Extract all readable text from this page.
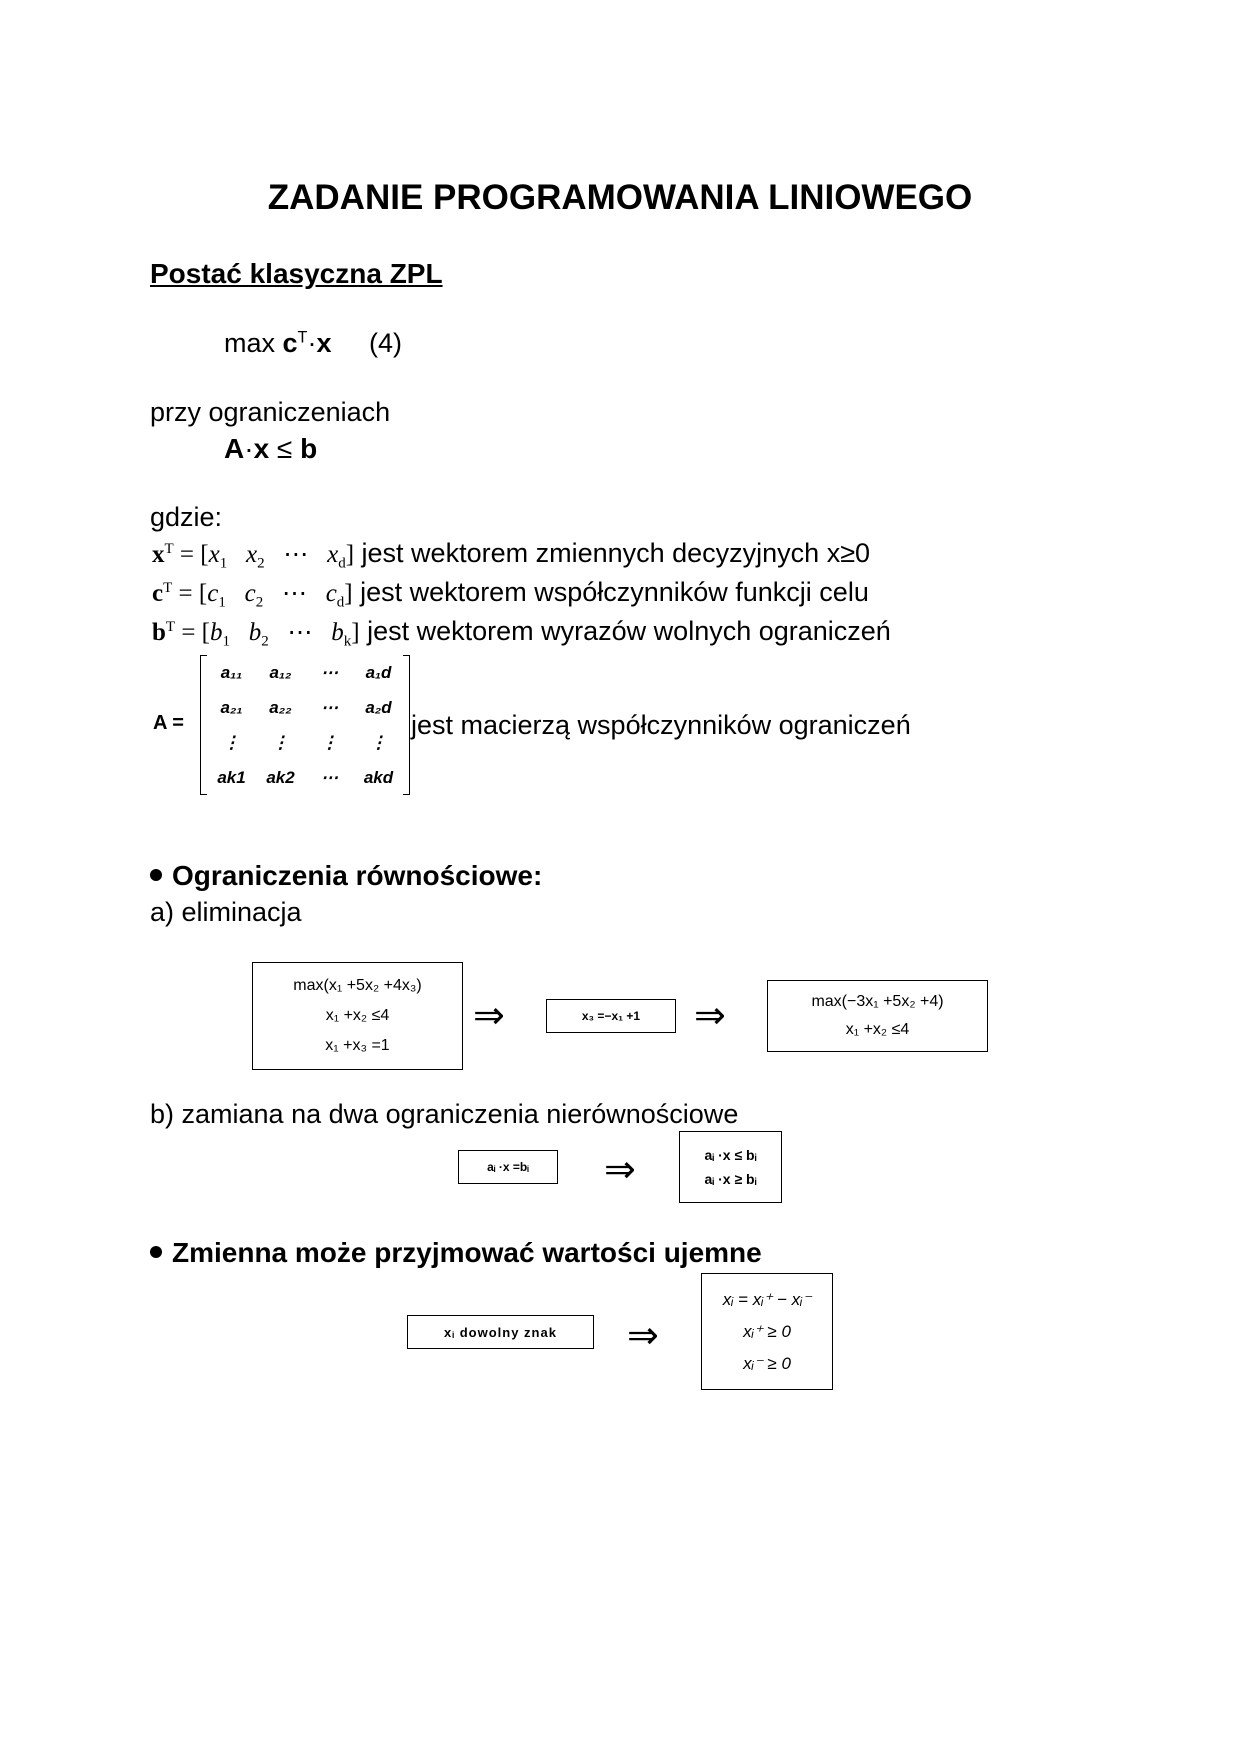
ZADANIE PROGRAMOWANIA LINIOWEGO
Postać klasyczna ZPL
$\max c^T\cdot x$     (4)
przy ograniczeniach
A·x ≤ b
gdzie:
$x^T = [x_1$ $x_2$   ⋯   $x_d$] jest wektorem zmiennych decyzyjnych x≥0
$c^T = [c_1$ $c_2$   ⋯   $c_d$] jest wektorem współczynników funkcji celu
$b^T = [b_1$ $b_2$   ⋯   $b_k$] jest wektorem wyrazów wolnych ograniczeń
A =
a₁₁	a₁₂	⋯	a₁d
a₂₁	a₂₂	⋯	a₂d
⋮	⋮	⋮	⋮
ak1	ak2	⋯	akd
jest macierzą współczynników ograniczeń
Ograniczenia równościowe:
a) eliminacja
max(x₁ +5x₂ +4x₃)
x₁ +x₂ ≤4
x₁ +x₃ =1
⇒	x₃ =−x₁ +1 ⇒	max(−3x₁ +5x₂ +4)
x₁ +x₂ ≤4
b) zamiana na dwa ograniczenia nierównościowe
aᵢ ·x =bᵢ ⇒	aᵢ ·x ≤ bᵢ
aᵢ ·x ≥ bᵢ
Zmienna może przyjmować wartości ujemne
xᵢ dowolny znak ⇒
xᵢ = xᵢ⁺ − xᵢ⁻
xᵢ⁺ ≥ 0
xᵢ⁻ ≥ 0
